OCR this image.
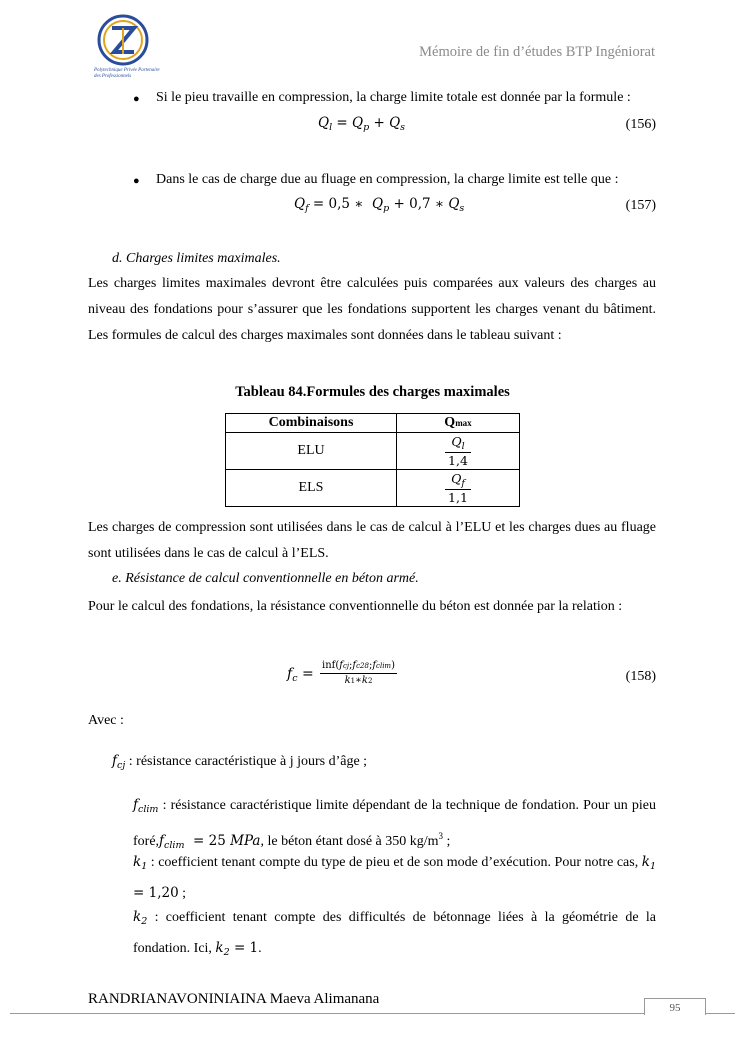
Polytechnique Privée Partenaire des Professionnels
Mémoire de fin d’études BTP Ingéniorat
● Si le pieu travaille en compression, la charge limite totale est donnée par la formule :
$Q_l = Q_p + Q_s$	(156)
● Dans le cas de charge due au fluage en compression, la charge limite est telle que :
$Q_f = 0,5$ ∗  $Q_p + 0,7$ ∗ $Q_s$	(157)
d. Charges limites maximales.
Les charges limites maximales devront être calculées puis comparées aux valeurs des charges au niveau des fondations pour s’assurer que les fondations supportent les charges venant du bâtiment. Les formules de calcul des charges maximales sont données dans le tableau suivant :
Tableau 84.Formules des charges maximales
Combinaisons	Qmax
ELU	$\frac{Q_l}{1,4}$

ELS	$\frac{Q_f}{1,1}$
Les charges de compression sont utilisées dans le cas de calcul à l’ELU et les charges dues au fluage sont utilisées dans le cas de calcul à l’ELS.
e. Résistance de calcul conventionnelle en béton armé.
Pour le calcul des fondations, la résistance conventionnelle du béton est donnée par la relation :
$f_c$ =
inf(fcj;fc28;fclim)
k1∗k2	(158)
Avec :
$f_{cj}$ : résistance caractéristique à j jours d’âge ;
$f_{clim}$ : résistance caractéristique limite dépendant de la technique de fondation. Pour un pieu $foré,f_{clim} = 25$ MPa, le béton étant dosé à 350 $kg/m^3$ ;
$k_1$ : coefficient tenant compte du type de pieu et de son mode d’exécution. Pour notre cas, $k_1 = 1,20$ ;
$k_2$ : coefficient tenant compte des difficultés de bétonnage liées à la géométrie de la fondation. Ici, $k_2 = 1$.
RANDRIANAVONINIAINA Maeva Alimanana
95
